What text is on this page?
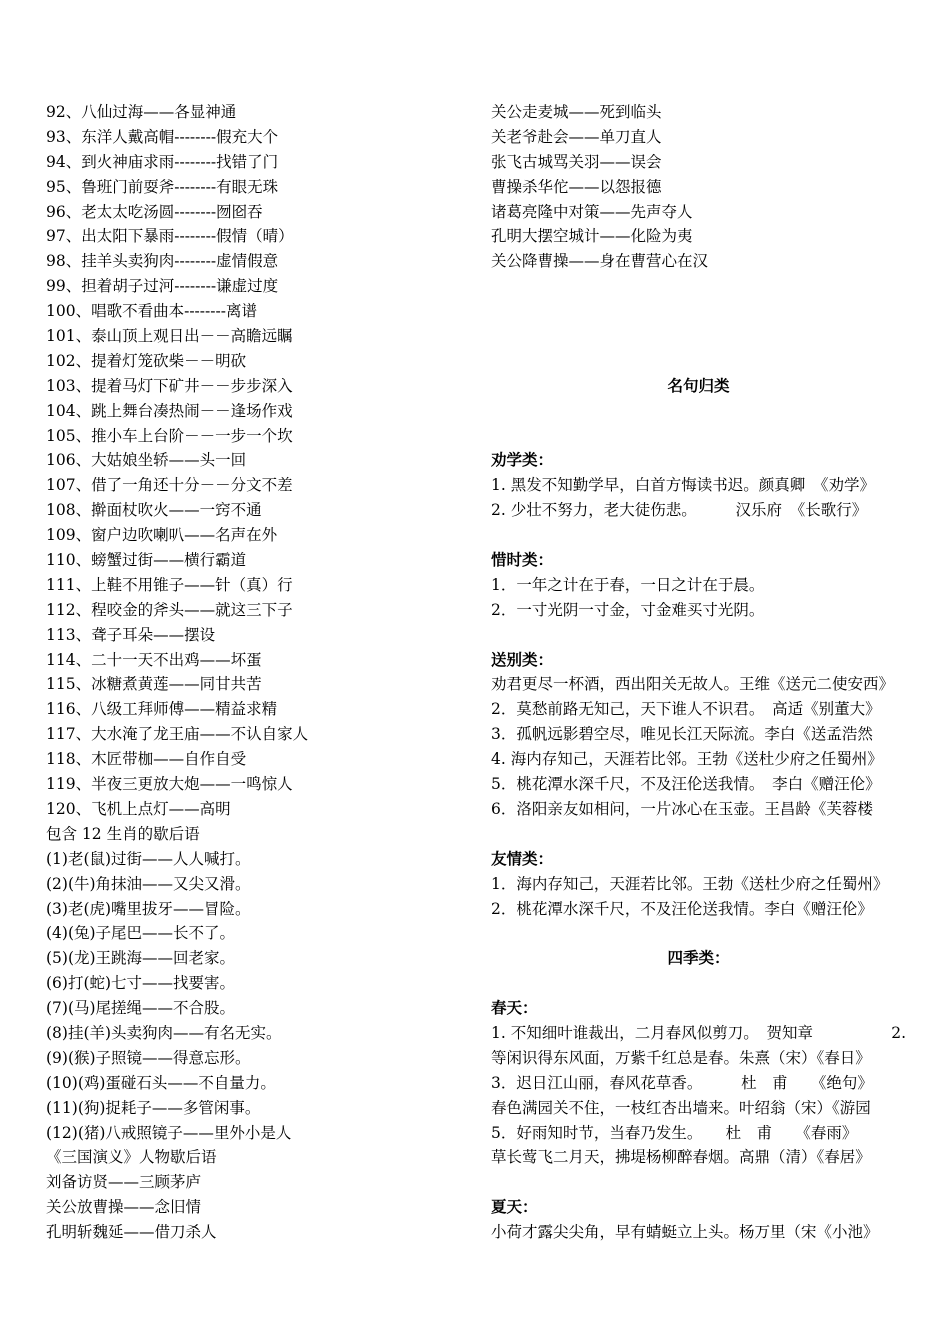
92、八仙过海——各显神通
93、东洋人戴高帽--------假充大个
94、到火神庙求雨--------找错了门
95、鲁班门前耍斧--------有眼无珠
96、老太太吃汤圆--------囫囵吞
97、出太阳下暴雨--------假情（晴）
98、挂羊头卖狗肉--------虚情假意
99、担着胡子过河--------谦虚过度
100、唱歌不看曲本--------离谱
101、泰山顶上观日出－－高瞻远瞩
102、提着灯笼砍柴－－明砍
103、提着马灯下矿井－－步步深入
104、跳上舞台凑热闹－－逢场作戏
105、推小车上台阶－－一步一个坎
106、大姑娘坐轿——头一回
107、借了一角还十分－－分文不差
108、擀面杖吹火——一窍不通
109、窗户边吹喇叭——名声在外
110、螃蟹过街——横行霸道
111、上鞋不用锥子——针（真）行
112、程咬金的斧头——就这三下子
113、聋子耳朵——摆设
114、二十一天不出鸡——坏蛋
115、冰糖煮黄莲——同甘共苦
116、八级工拜师傅——精益求精
117、大水淹了龙王庙——不认自家人
118、木匠带枷——自作自受
119、半夜三更放大炮——一鸣惊人
120、飞机上点灯——高明
包含 12 生肖的歇后语
(1)老(鼠)过街——人人喊打。
(2)(牛)角抹油——又尖又滑。
(3)老(虎)嘴里拔牙——冒险。
(4)(兔)子尾巴——长不了。
(5)(龙)王跳海——回老家。
(6)打(蛇)七寸——找要害。
(7)(马)尾搓绳——不合股。
(8)挂(羊)头卖狗肉——有名无实。
(9)(猴)子照镜——得意忘形。
(10)(鸡)蛋碰石头——不自量力。
(11)(狗)捉耗子——多管闲事。
(12)(猪)八戒照镜子——里外小是人
《三国演义》人物歇后语
刘备访贤——三顾茅庐
关公放曹操——念旧情
孔明斩魏延——借刀杀人
关公走麦城——死到临头
关老爷赴会——单刀直人
张飞古城骂关羽——误会
曹操杀华佗——以怨报德
诸葛亮隆中对策——先声夺人
孔明大摆空城计——化险为夷
关公降曹操——身在曹营心在汉
名句归类
劝学类：
1. 黑发不知勤学早，白首方悔读书迟。颜真卿　《劝学》
2. 少壮不努力，老大徒伤悲。　　　汉乐府　《长歌行》
惜时类：
1．一年之计在于春，一日之计在于晨。
2．一寸光阴一寸金，寸金难买寸光阴。
送别类：
劝君更尽一杯酒，西出阳关无故人。王维《送元二使安西》
2．莫愁前路无知己，天下谁人不识君。　高适《别董大》
3．孤帆远影碧空尽，唯见长江天际流。李白《送孟浩然
4. 海内存知己，天涯若比邻。王勃《送杜少府之任蜀州》
5．桃花潭水深千尺，不及汪伦送我情。　李白《赠汪伦》
6．洛阳亲友如相问，一片冰心在玉壶。王昌龄《芙蓉楼
友情类：
1．海内存知己，天涯若比邻。王勃《送杜少府之任蜀州》
2．桃花潭水深千尺，不及汪伦送我情。李白《赠汪伦》
四季类：
春天：
1. 不知细叶谁裁出，二月春风似剪刀。　贺知章	2.
等闲识得东风面，万紫千红总是春。朱熹（宋）《春日》
3．迟日江山丽，春风花草香。　　　杜　甫　　《绝句》
春色满园关不住，一枝红杏出墙来。叶绍翁（宋）《游园
5．好雨知时节，当春乃发生。　　杜　甫　　《春雨》
草长莺飞二月天，拂堤杨柳醉春烟。高鼎（清）《春居》
夏天：
小荷才露尖尖角，早有蜻蜓立上头。杨万里（宋《小池》
